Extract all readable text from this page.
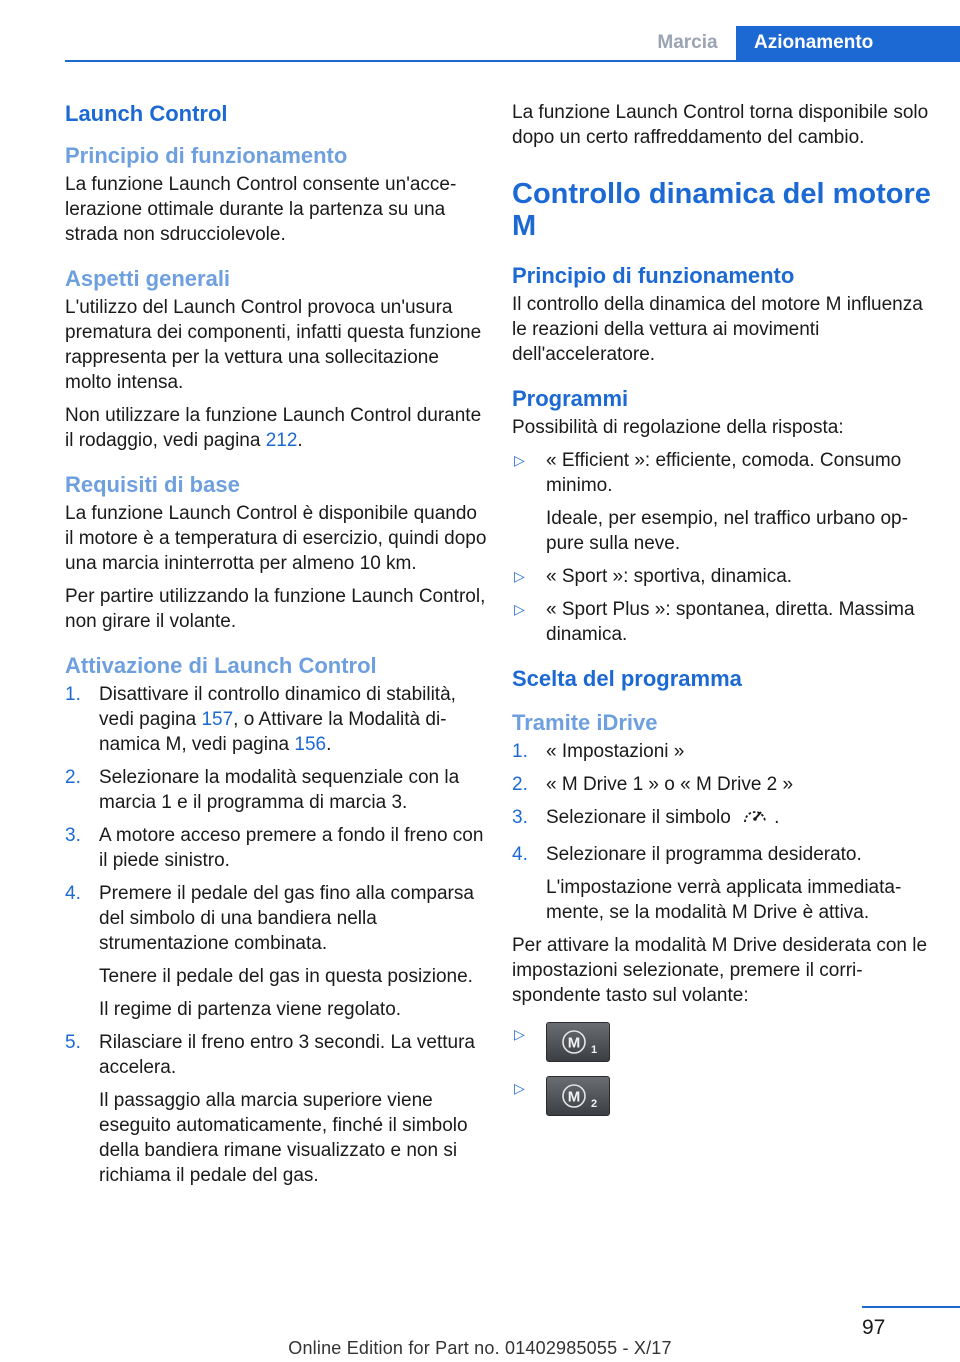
Marcia	Azionamento
Launch Control
Principio di funzionamento

La funzione Launch Control consente un'accelerazione ottimale durante la partenza su una strada non sdrucciolevole.

Aspetti generali

L'utilizzo del Launch Control provoca un'usura prematura dei componenti, infatti questa funzione rappresenta per la vettura una sollecitazione molto intensa.

Non utilizzare la funzione Launch Control durante il rodaggio, vedi pagina 212.

Requisiti di base

La funzione Launch Control è disponibile quando il motore è a temperatura di esercizio, quindi dopo una marcia ininterrotta per almeno 10 km.

Per partire utilizzando la funzione Launch Control, non girare il volante.

Attivazione di Launch Control
1. Disattivare il controllo dinamico di stabilità, vedi pagina 157, o Attivare la Modalità dinamica M, vedi pagina 156.
2. Selezionare la modalità sequenziale con la marcia 1 e il programma di marcia 3.
3. A motore acceso premere a fondo il freno con il piede sinistro.
4. Premere il pedale del gas fino alla comparsa del simbolo di una bandiera nella strumentazione combinata.
Tenere il pedale del gas in questa posizione.
Il regime di partenza viene regolato.
5. Rilasciare il freno entro 3 secondi. La vettura accelera.
Il passaggio alla marcia superiore viene eseguito automaticamente, finché il simbolo della bandiera rimane visualizzato e non si richiama il pedale del gas.

La funzione Launch Control torna disponibile solo dopo un certo raffreddamento del cambio.

Controllo dinamica del motore M
Principio di funzionamento

Il controllo della dinamica del motore M influenza le reazioni della vettura ai movimenti dell'acceleratore.

Programmi

Possibilità di regolazione della risposta:

▷ « Efficient »: efficiente, comoda. Consumo minimo.
Ideale, per esempio, nel traffico urbano oppure sulla neve.
▷ « Sport »: sportiva, dinamica.
▷ « Sport Plus »: spontanea, diretta. Massima dinamica.
Scelta del programma
Tramite iDrive
1. « Impostazioni »
2. « M Drive 1 » o « M Drive 2 »
3. Selezionare il simbolo .
4. Selezionare il programma desiderato.
L'impostazione verrà applicata immediatamente, se la modalità M Drive è attiva.

Per attivare la modalità M Drive desiderata con le impostazioni selezionate, premere il corrispondente tasto sul volante:

▷
M 1
▷
M 2
97
Online Edition for Part no. 01402985055 - X/17
